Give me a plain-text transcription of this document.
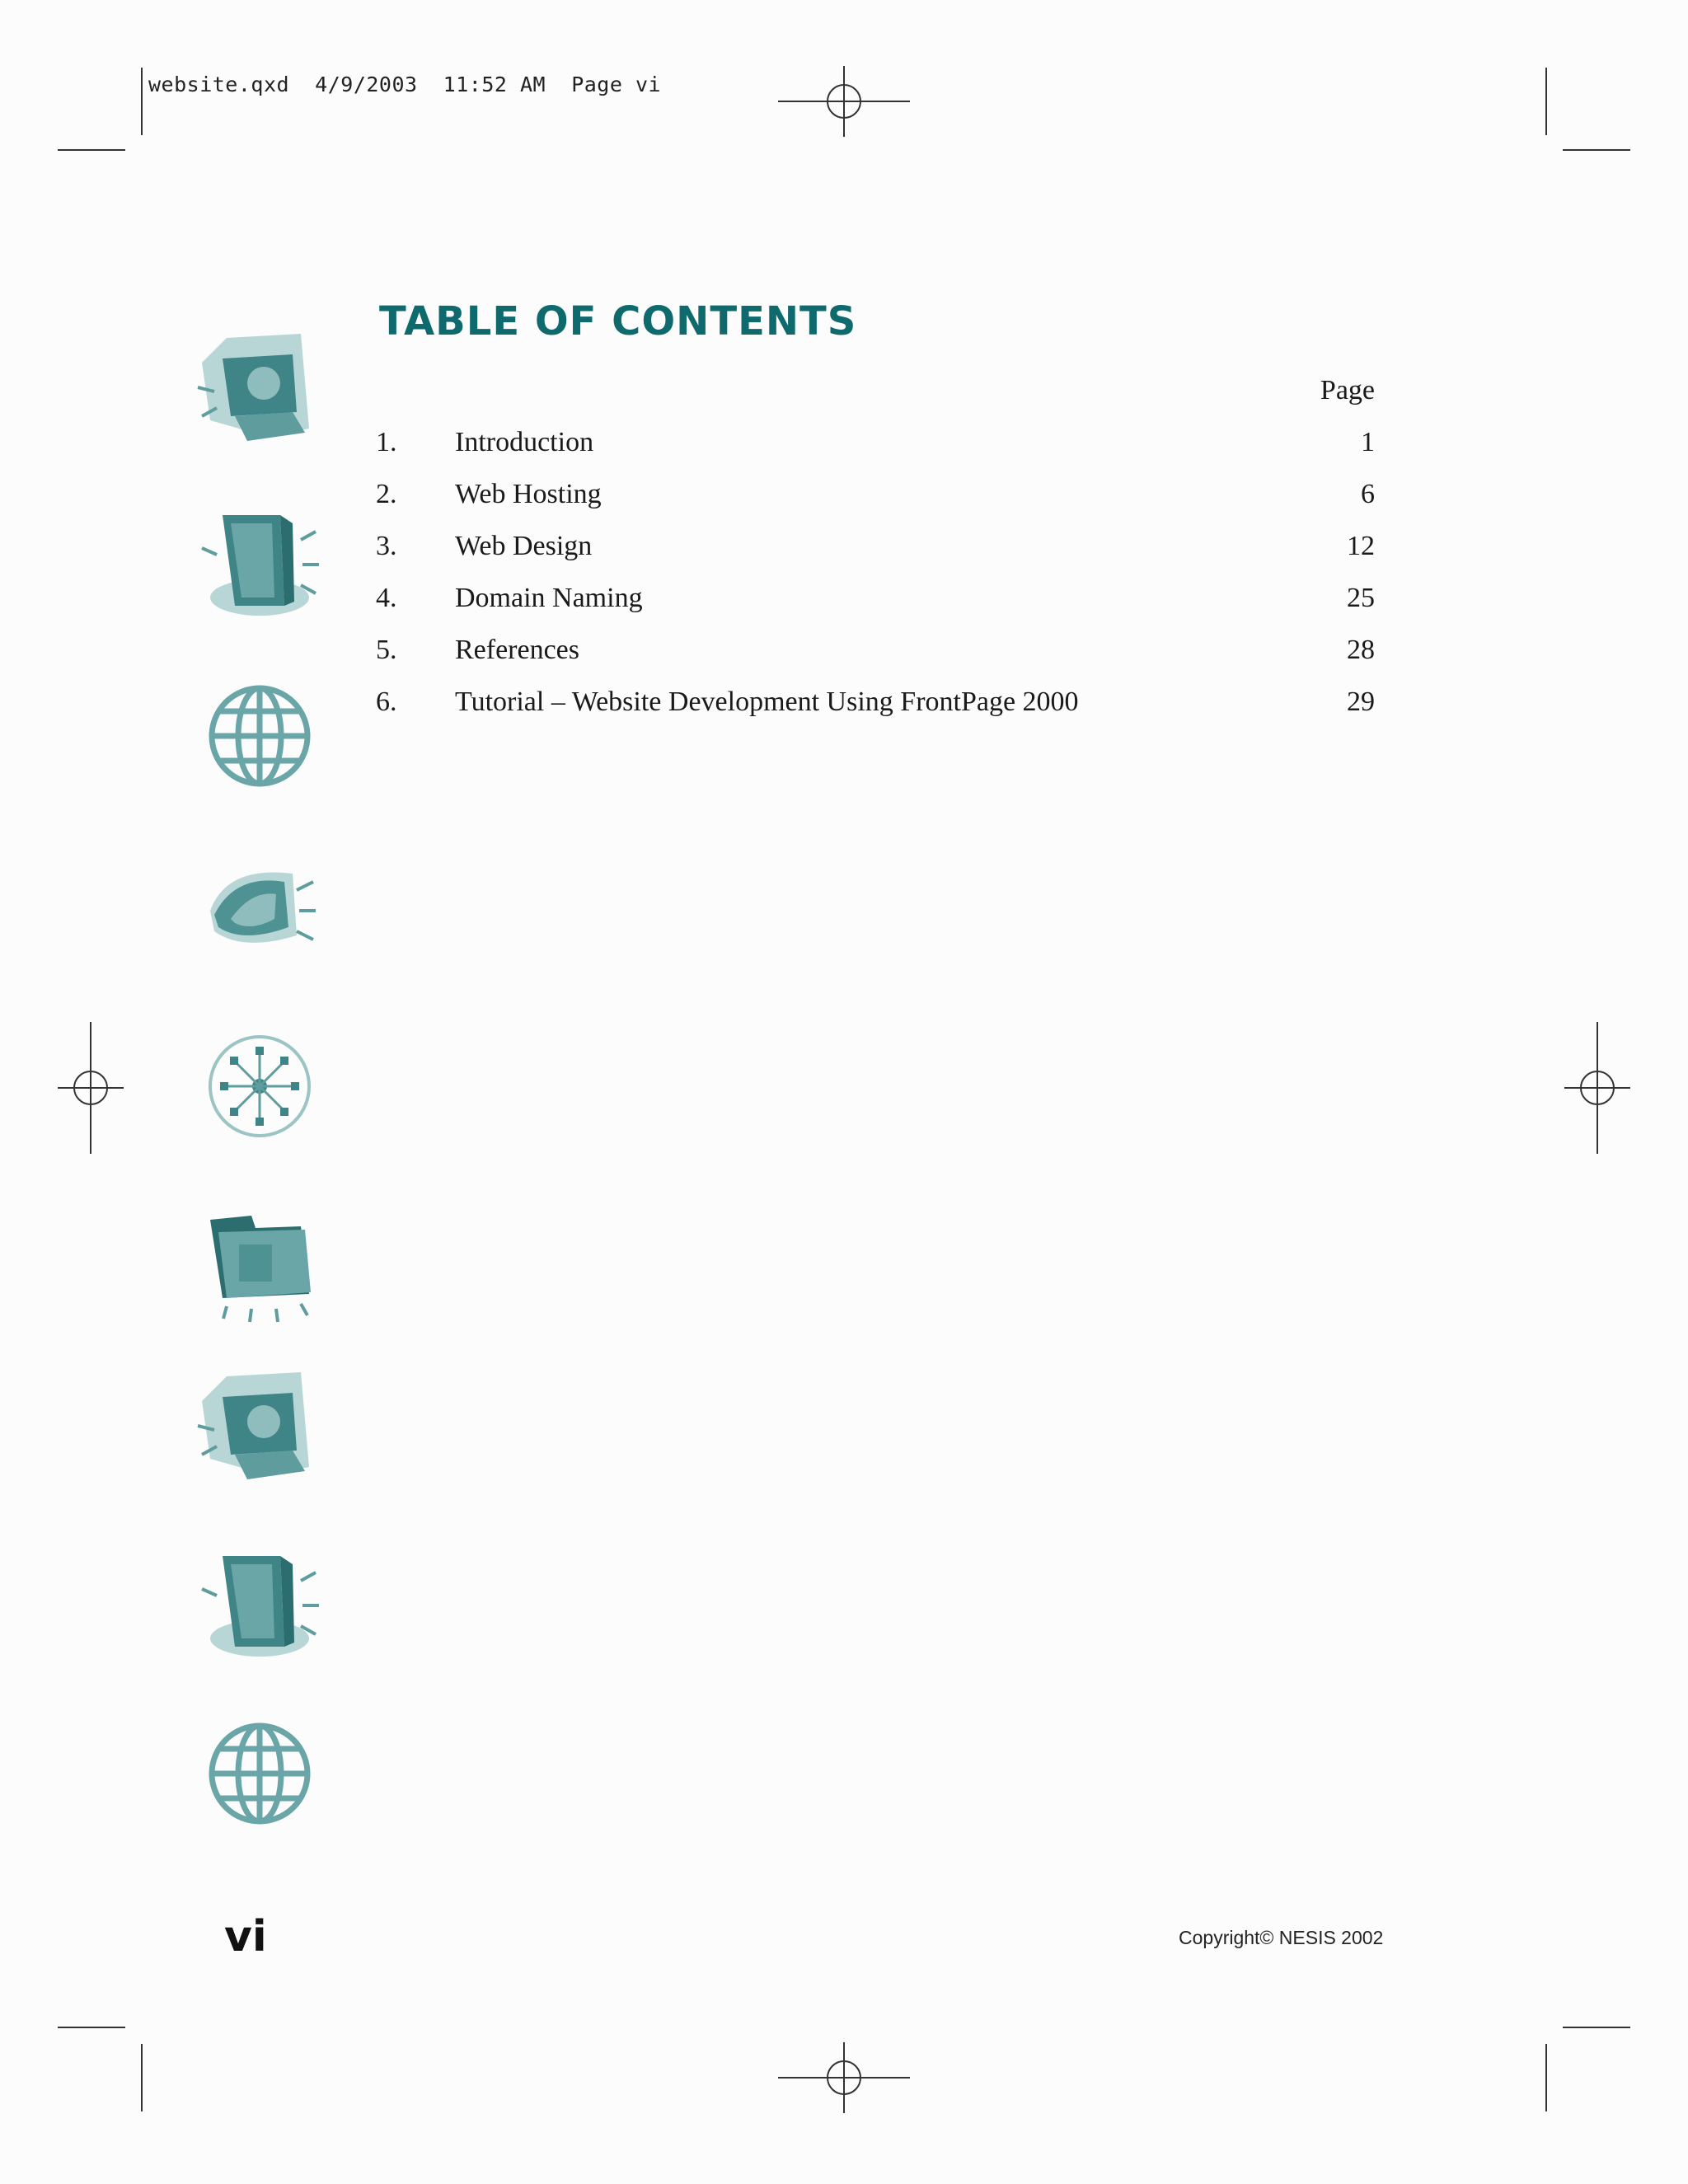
website.qxd  4/9/2003  11:52 AM  Page vi
TABLE OF CONTENTS
Page
1. Introduction	1
2. Web Hosting	6
3. Web Design	12
4. Domain Naming	25
5. References	28
6. Tutorial – Website Development Using FrontPage 2000	29
vi	Copyright© NESIS 2002
